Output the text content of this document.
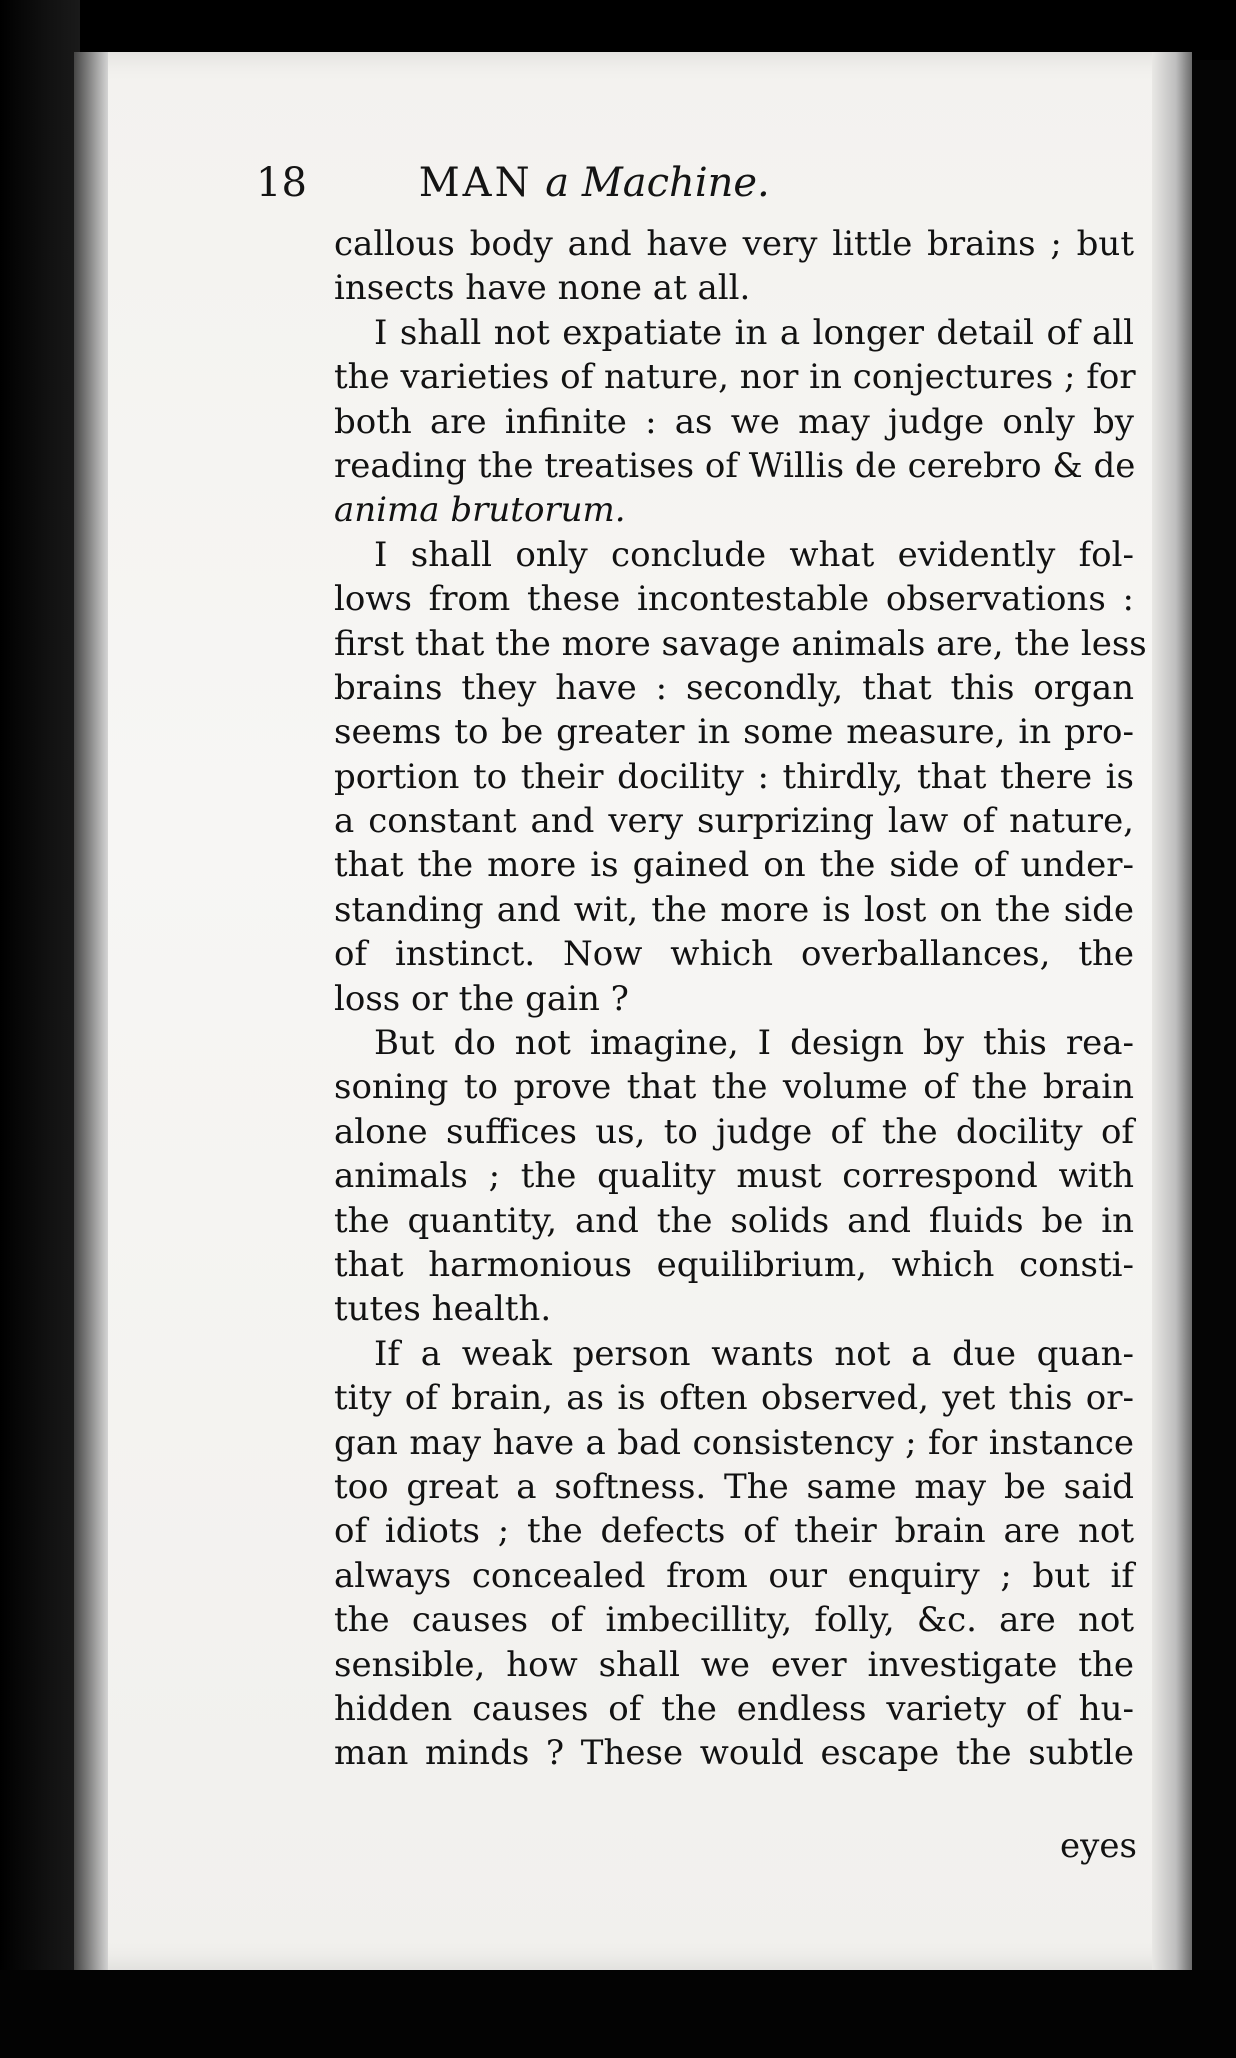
18	MAN a Machine.
callous body and have very little brains ; but
insects have none at all.
I shall not expatiate in a longer detail of all
the varieties of nature, nor in conjectures ; for
both are infinite : as we may judge only by
reading the treatises of Willis de cerebro & de
anima brutorum.
I shall only conclude what evidently fol-
lows from these incontestable observations :
first that the more savage animals are, the less
brains they have : secondly, that this organ
seems to be greater in some measure, in pro-
portion to their docility : thirdly, that there is
a constant and very surprizing law of nature,
that the more is gained on the side of under-
standing and wit, the more is lost on the side
of instinct. Now which overballances, the
loss or the gain ?
But do not imagine, I design by this rea-
soning to prove that the volume of the brain
alone suffices us, to judge of the docility of
animals ; the quality must correspond with
the quantity, and the solids and fluids be in
that harmonious equilibrium, which consti-
tutes health.
If a weak person wants not a due quan-
tity of brain, as is often observed, yet this or-
gan may have a bad consistency ; for instance
too great a softness. The same may be said
of idiots ; the defects of their brain are not
always concealed from our enquiry ; but if
the causes of imbecillity, folly, &c. are not
sensible, how shall we ever investigate the
hidden causes of the endless variety of hu-
man minds ? These would escape the subtle
eyes
